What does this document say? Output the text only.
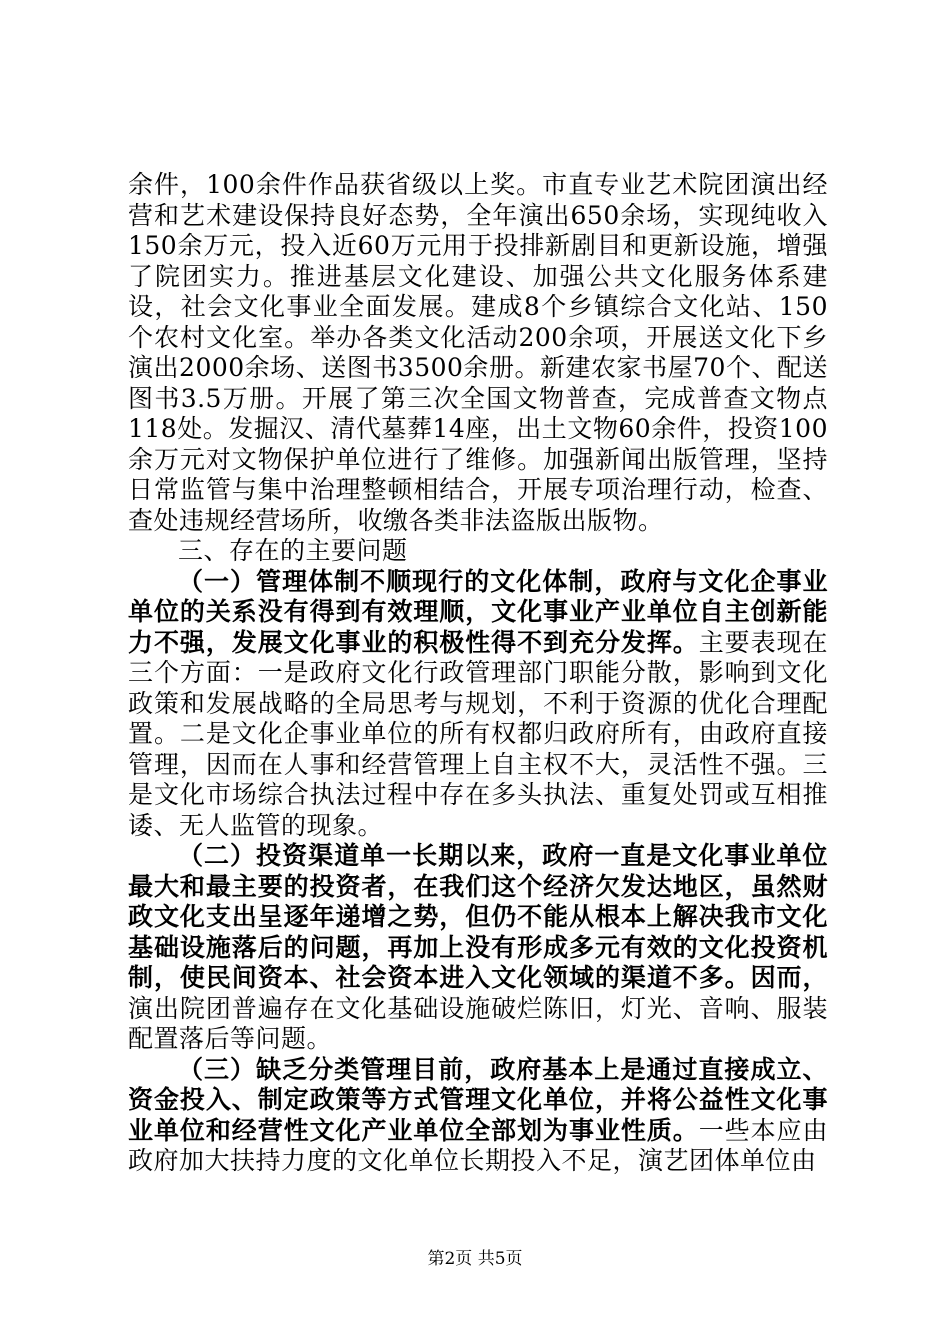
余件，100余件作品获省级以上奖。市直专业艺术院团演出经营和艺术建设保持良好态势，全年演出650余场，实现纯收入150余万元，投入近60万元用于投排新剧目和更新设施，增强了院团实力。推进基层文化建设、加强公共文化服务体系建设，社会文化事业全面发展。建成8个乡镇综合文化站、150个农村文化室。举办各类文化活动200余项，开展送文化下乡演出2000余场、送图书3500余册。新建农家书屋70个、配送图书3.5万册。开展了第三次全国文物普查，完成普查文物点118处。发掘汉、清代墓葬14座，出土文物60余件，投资100余万元对文物保护单位进行了维修。加强新闻出版管理，坚持日常监管与集中治理整顿相结合，开展专项治理行动，检查、查处违规经营场所，收缴各类非法盗版出版物。

三、存在的主要问题

（一）管理体制不顺现行的文化体制，政府与文化企事业单位的关系没有得到有效理顺，文化事业产业单位自主创新能力不强，发展文化事业的积极性得不到充分发挥。主要表现在三个方面：一是政府文化行政管理部门职能分散，影响到文化政策和发展战略的全局思考与规划，不利于资源的优化合理配置。二是文化企事业单位的所有权都归政府所有，由政府直接管理，因而在人事和经营管理上自主权不大，灵活性不强。三是文化市场综合执法过程中存在多头执法、重复处罚或互相推诿、无人监管的现象。

（二）投资渠道单一长期以来，政府一直是文化事业单位最大和最主要的投资者，在我们这个经济欠发达地区，虽然财政文化支出呈逐年递增之势，但仍不能从根本上解决我市文化基础设施落后的问题，再加上没有形成多元有效的文化投资机制，使民间资本、社会资本进入文化领域的渠道不多。因而，演出院团普遍存在文化基础设施破烂陈旧，灯光、音响、服装配置落后等问题。

（三）缺乏分类管理目前，政府基本上是通过直接成立、资金投入、制定政策等方式管理文化单位，并将公益性文化事业单位和经营性文化产业单位全部划为事业性质。一些本应由政府加大扶持力度的文化单位长期投入不足，演艺团体单位由

第2页 共5页
